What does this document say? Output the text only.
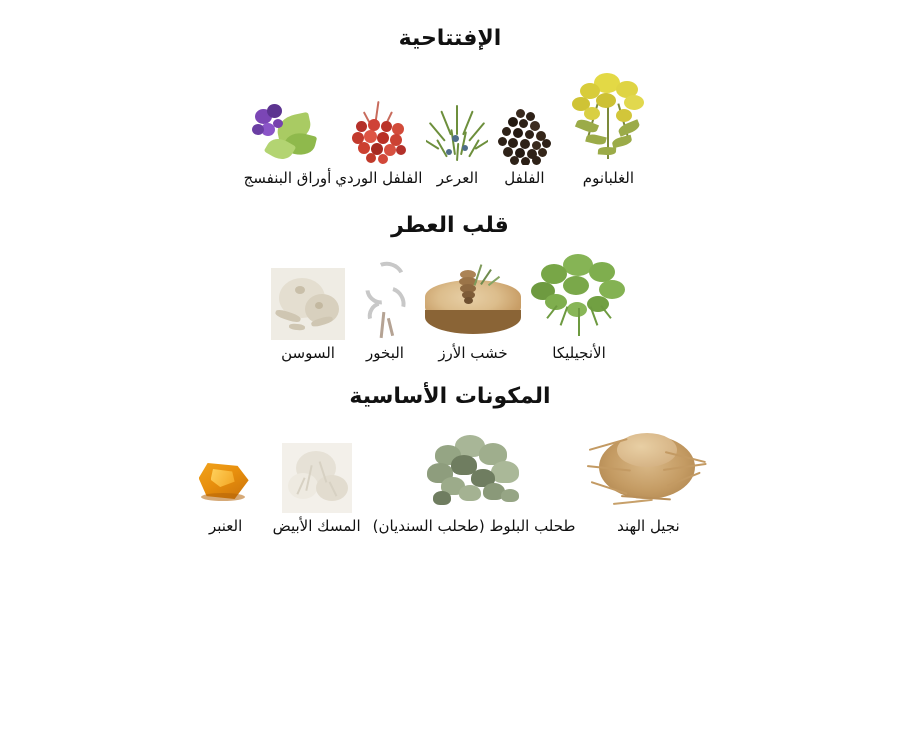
الإفتتاحية
أوراق البنفسج الفلفل الوردي العرعر الفلفل	الغلبانوم
قلب العطر
السوسن البخور خشب الأرز	الأنجيليكا
المكونات الأساسية
العنبر المسك الأبيض طحلب البلوط (طحلب السنديان)	نجيل الهند
